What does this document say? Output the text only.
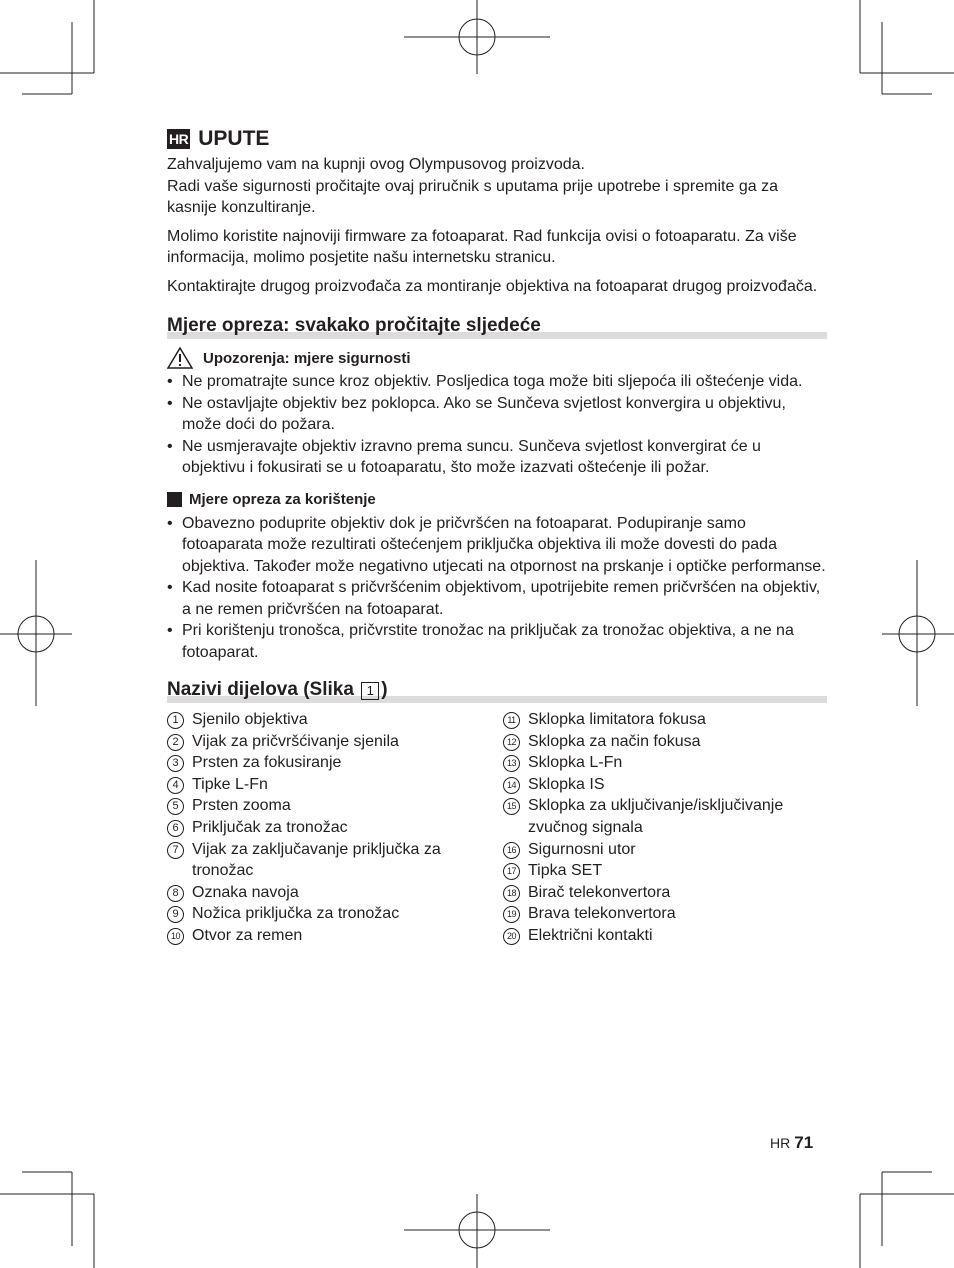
HR UPUTE

Zahvaljujemo vam na kupnji ovog Olympusovog proizvoda.
Radi vaše sigurnosti pročitajte ovaj priručnik s uputama prije upotrebe i spremite ga za kasnije konzultiranje.

Molimo koristite najnoviji firmware za fotoaparat. Rad funkcija ovisi o fotoaparatu. Za više informacija, molimo posjetite našu internetsku stranicu.

Kontaktirajte drugog proizvođača za montiranje objektiva na fotoaparat drugog proizvođača.

Mjere opreza: svakako pročitajte sljedeće
Upozorenja: mjere sigurnosti
• Ne promatrajte sunce kroz objektiv. Posljedica toga može biti sljepoća ili oštećenje vida.
• Ne ostavljajte objektiv bez poklopca. Ako se Sunčeva svjetlost konvergira u objektivu, može doći do požara.
• Ne usmjeravajte objektiv izravno prema suncu. Sunčeva svjetlost konvergirat će u objektivu i fokusirati se u fotoaparatu, što može izazvati oštećenje ili požar.
Mjere opreza za korištenje
• Obavezno poduprite objektiv dok je pričvršćen na fotoaparat. Podupiranje samo fotoaparata može rezultirati oštećenjem priključka objektiva ili može dovesti do pada objektiva. Također može negativno utjecati na otpornost na prskanje i optičke performanse.
• Kad nosite fotoaparat s pričvršćenim objektivom, upotrijebite remen pričvršćen na objektiv, a ne remen pričvršćen na fotoaparat.
• Pri korištenju tronošca, pričvrstite tronožac na priključak za tronožac objektiva, a ne na fotoaparat.
Nazivi dijelova (Slika 1 )
1 Sjenilo objektiva
2 Vijak za pričvršćivanje sjenila
3 Prsten za fokusiranje
4 Tipke L-Fn
5 Prsten zooma
6 Priključak za tronožac
7 Vijak za zaključavanje priključka za tronožac
8 Oznaka navoja
9 Nožica priključka za tronožac
10 Otvor za remen
11 Sklopka limitatora fokusa
12 Sklopka za način fokusa
13 Sklopka L-Fn
14 Sklopka IS
15 Sklopka za uključivanje/isključivanje zvučnog signala
16 Sigurnosni utor
17 Tipka SET
18 Birač telekonvertora
19 Brava telekonvertora
20 Električni kontakti
HR 71
